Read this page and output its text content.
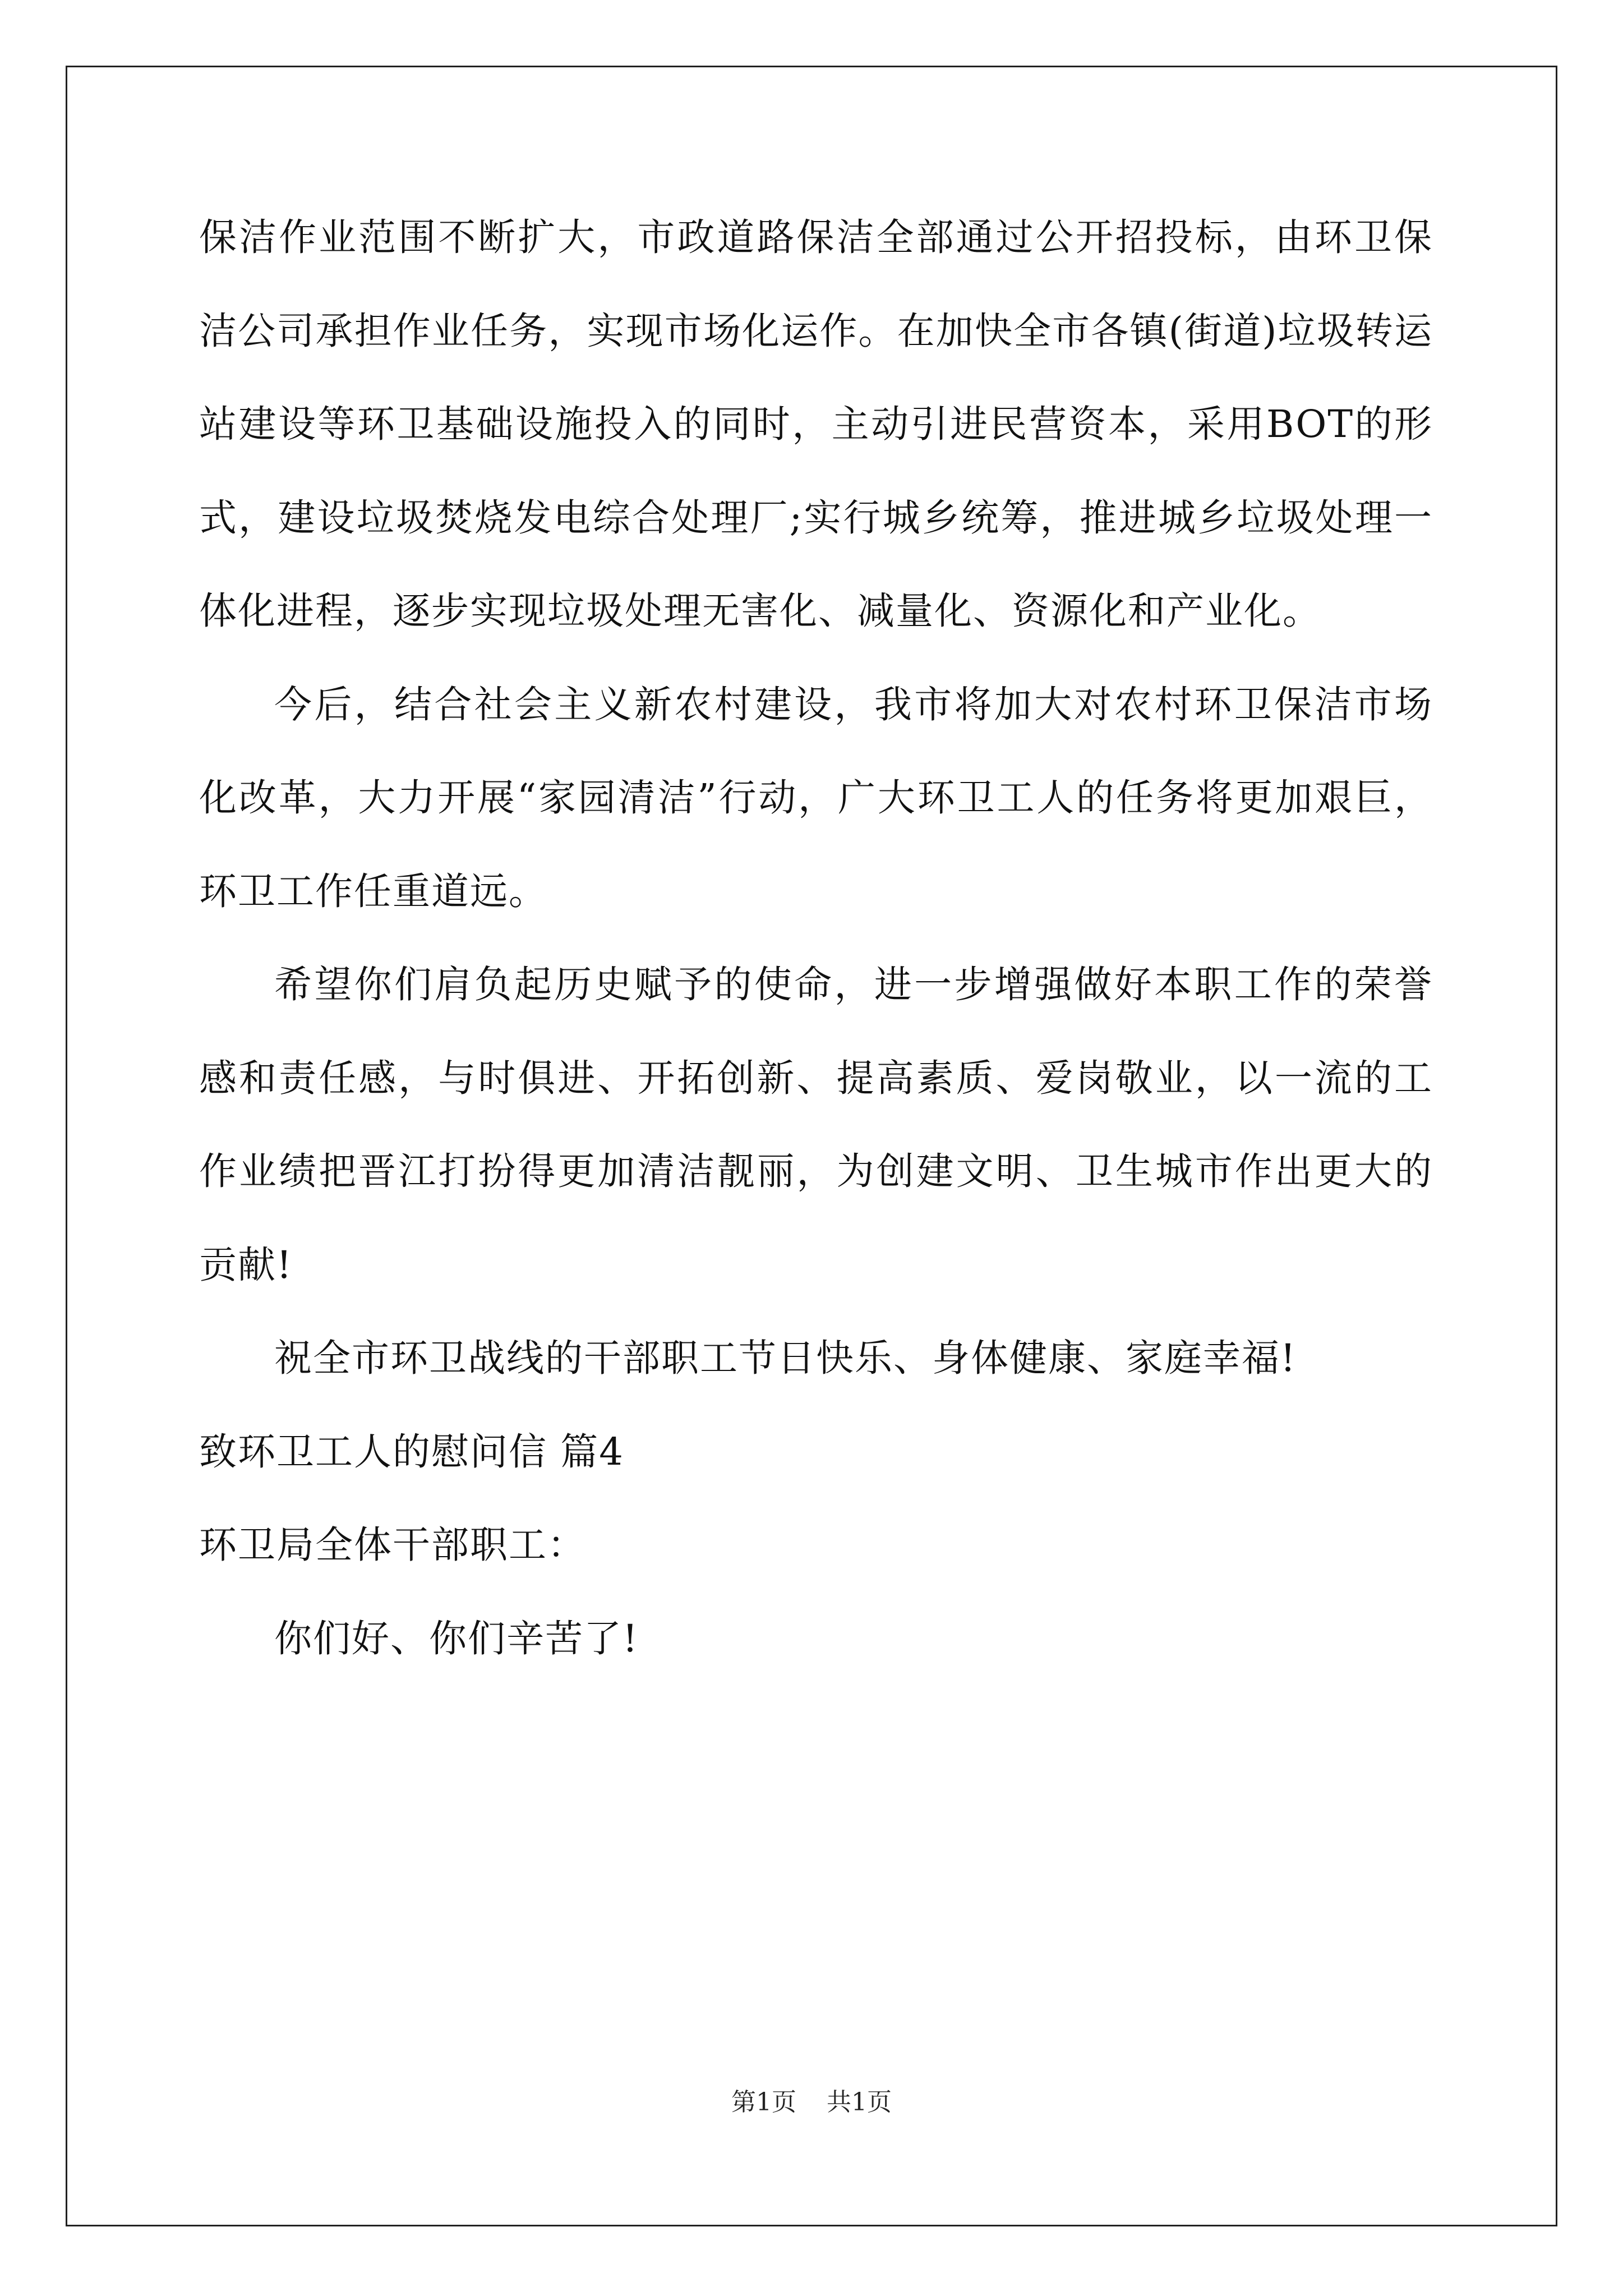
保洁作业范围不断扩大，市政道路保洁全部通过公开招投标，由环卫保洁公司承担作业任务，实现市场化运作。在加快全市各镇(街道)垃圾转运站建设等环卫基础设施投入的同时，主动引进民营资本，采用BOT的形式，建设垃圾焚烧发电综合处理厂;实行城乡统筹，推进城乡垃圾处理一体化进程，逐步实现垃圾处理无害化、减量化、资源化和产业化。

今后，结合社会主义新农村建设，我市将加大对农村环卫保洁市场化改革，大力开展“家园清洁”行动，广大环卫工人的任务将更加艰巨，环卫工作任重道远。

希望你们肩负起历史赋予的使命，进一步增强做好本职工作的荣誉感和责任感，与时俱进、开拓创新、提高素质、爱岗敬业，以一流的工作业绩把晋江打扮得更加清洁靓丽，为创建文明、卫生城市作出更大的贡献!

祝全市环卫战线的干部职工节日快乐、身体健康、家庭幸福!

致环卫工人的慰问信 篇4

环卫局全体干部职工：

你们好、你们辛苦了!

第1页 共1页
